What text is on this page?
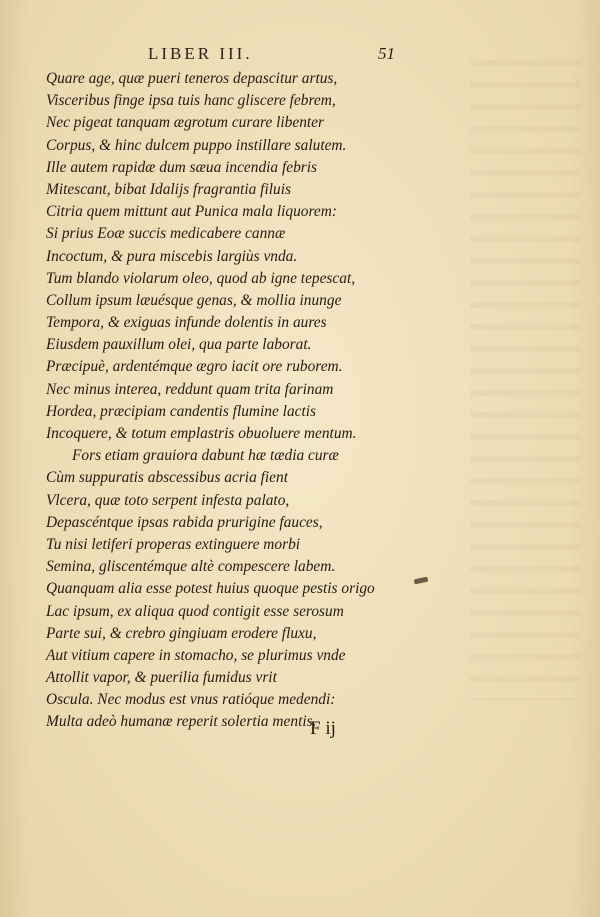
LIBER III.	51
Quare age, quæ pueri teneros depascitur artus,
Visceribus finge ipsa tuis hanc gliscere febrem,
Nec pigeat tanquam ægrotum curare libenter
Corpus, & hinc dulcem puppo instillare salutem.
Ille autem rapidæ dum sæua incendia febris
Mitescant, bibat Idalijs fragrantia filuis
Citria quem mittunt aut Punica mala liquorem:
Si prius Eoæ succis medicabere cannæ
Incoctum, & pura miscebis largiùs vnda.
Tum blando violarum oleo, quod ab igne tepescat,
Collum ipsum læuésque genas, & mollia inunge
Tempora, & exiguas infunde dolentis in aures
Eiusdem pauxillum olei, qua parte laborat.
Præcipuè, ardentémque ægro iacit ore ruborem.
Nec minus interea, reddunt quam trita farinam
Hordea, præcipiam candentis flumine lactis
Incoquere, & totum emplastris obuoluere mentum.
Fors etiam grauiora dabunt hæ tædia curæ
Cùm suppuratis abscessibus acria fient
Vlcera, quæ toto serpent infesta palato,
Depascéntque ipsas rabida prurigine fauces,
Tu nisi letiferi properas extinguere morbi
Semina, gliscentémque altè compescere labem.
Quanquam alia esse potest huius quoque pestis origo
Lac ipsum, ex aliqua quod contigit esse serosum
Parte sui, & crebro gingiuam erodere fluxu,
Aut vitium capere in stomacho, se plurimus vnde
Attollit vapor, & puerilia fumidus vrit
Oscula. Nec modus est vnus ratióque medendi:
Multa adeò humanæ reperit solertia mentis.
F ij
